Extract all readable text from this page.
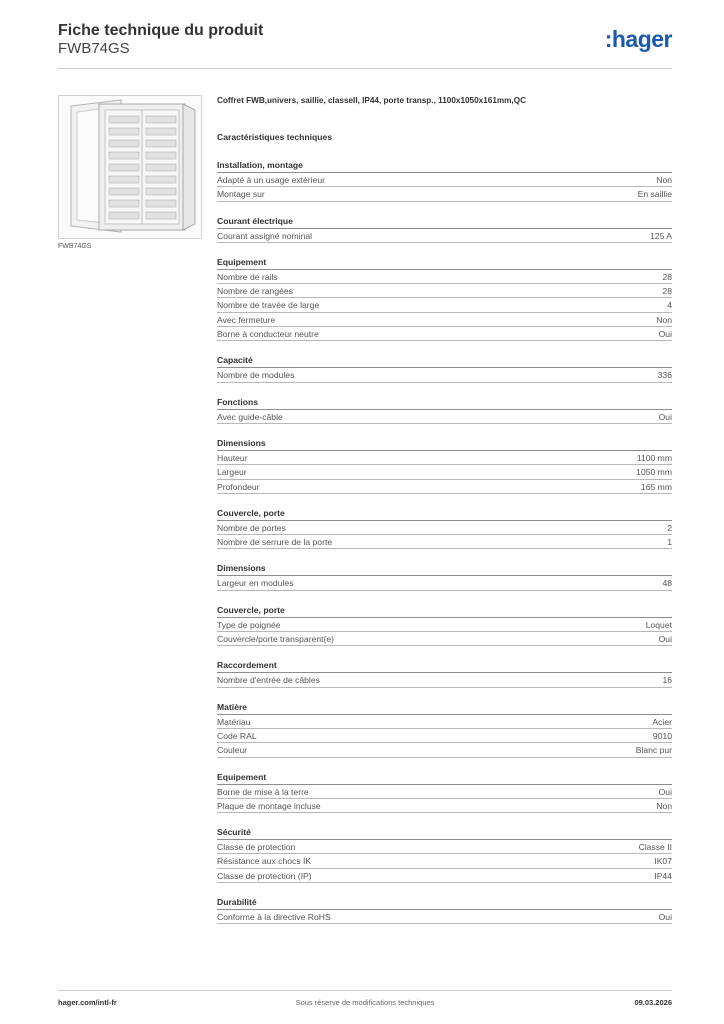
Fiche technique du produit
FWB74GS	:hager
FWB74GS
Coffret FWB,univers, saillie, classeII, IP44, porte transp., 1100x1050x161mm,QC
Caractéristiques techniques
Installation, montage
Adapté à un usage extérieur	Non
Montage sur	En saillie
Courant électrique
Courant assigné nominal	125 A
Equipement
Nombre de rails	28
Nombre de rangées	28
Nombre de travée de large	4
Avec fermeture	Non
Borne à conducteur neutre	Oui
Capacité
Nombre de modules	336
Fonctions
Avec guide-câble	Oui
Dimensions
Hauteur	1100 mm
Largeur	1050 mm
Profondeur	165 mm
Couvercle, porte
Nombre de portes	2
Nombre de serrure de la porte	1
Dimensions
Largeur en modules	48
Couvercle, porte
Type de poignée	Loquet
Couvercle/porte transparent(e)	Oui
Raccordement
Nombre d'entrée de câbles	16
Matière
Matériau	Acier
Code RAL	9010
Couleur	Blanc pur
Equipement
Borne de mise à la terre	Oui
Plaque de montage incluse	Non
Sécurité
Classe de protection	Classe II
Résistance aux chocs IK	IK07
Classe de protection (IP)	IP44
Durabilité
Conforme à la directive RoHS	Oui
hager.com/intl-fr	Sous réserve de modifications techniques	09.03.2026
